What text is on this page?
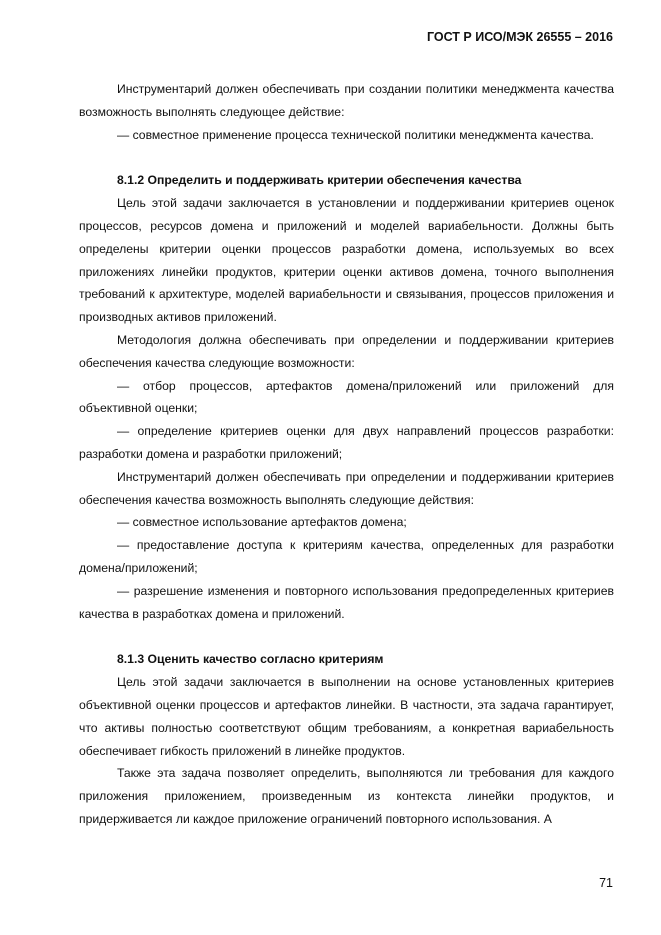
ГОСТ Р ИСО/МЭК 26555 – 2016

Инструментарий должен обеспечивать при создании политики менеджмента качества возможность выполнять следующее действие:

— совместное применение процесса технической политики менеджмента качества.

8.1.2 Определить и поддерживать критерии обеспечения качества

Цель этой задачи заключается в установлении и поддерживании критериев оценок процессов, ресурсов домена и приложений и моделей вариабельности. Должны быть определены критерии оценки процессов разработки домена, используемых во всех приложениях линейки продуктов, критерии оценки активов домена, точного выполнения требований к архитектуре, моделей вариабельности и связывания, процессов приложения и производных активов приложений.

Методология должна обеспечивать при определении и поддерживании критериев обеспечения качества следующие возможности:

— отбор процессов, артефактов домена/приложений или приложений для объективной оценки;

— определение критериев оценки для двух направлений процессов разработки: разработки домена и разработки приложений;

Инструментарий должен обеспечивать при определении и поддерживании критериев обеспечения качества возможность выполнять следующие действия:

— совместное использование артефактов домена;

— предоставление доступа к критериям качества, определенных для разработки домена/приложений;

— разрешение изменения и повторного использования предопределенных критериев качества в разработках домена и приложений.

8.1.3 Оценить качество согласно критериям

Цель этой задачи заключается в выполнении на основе установленных критериев объективной оценки процессов и артефактов линейки. В частности, эта задача гарантирует, что активы полностью соответствуют общим требованиям, а конкретная вариабельность обеспечивает гибкость приложений в линейке продуктов.

Также эта задача позволяет определить, выполняются ли требования для каждого приложения приложением, произведенным из контекста линейки продуктов, и придерживается ли каждое приложение ограничений повторного использования. А

71
